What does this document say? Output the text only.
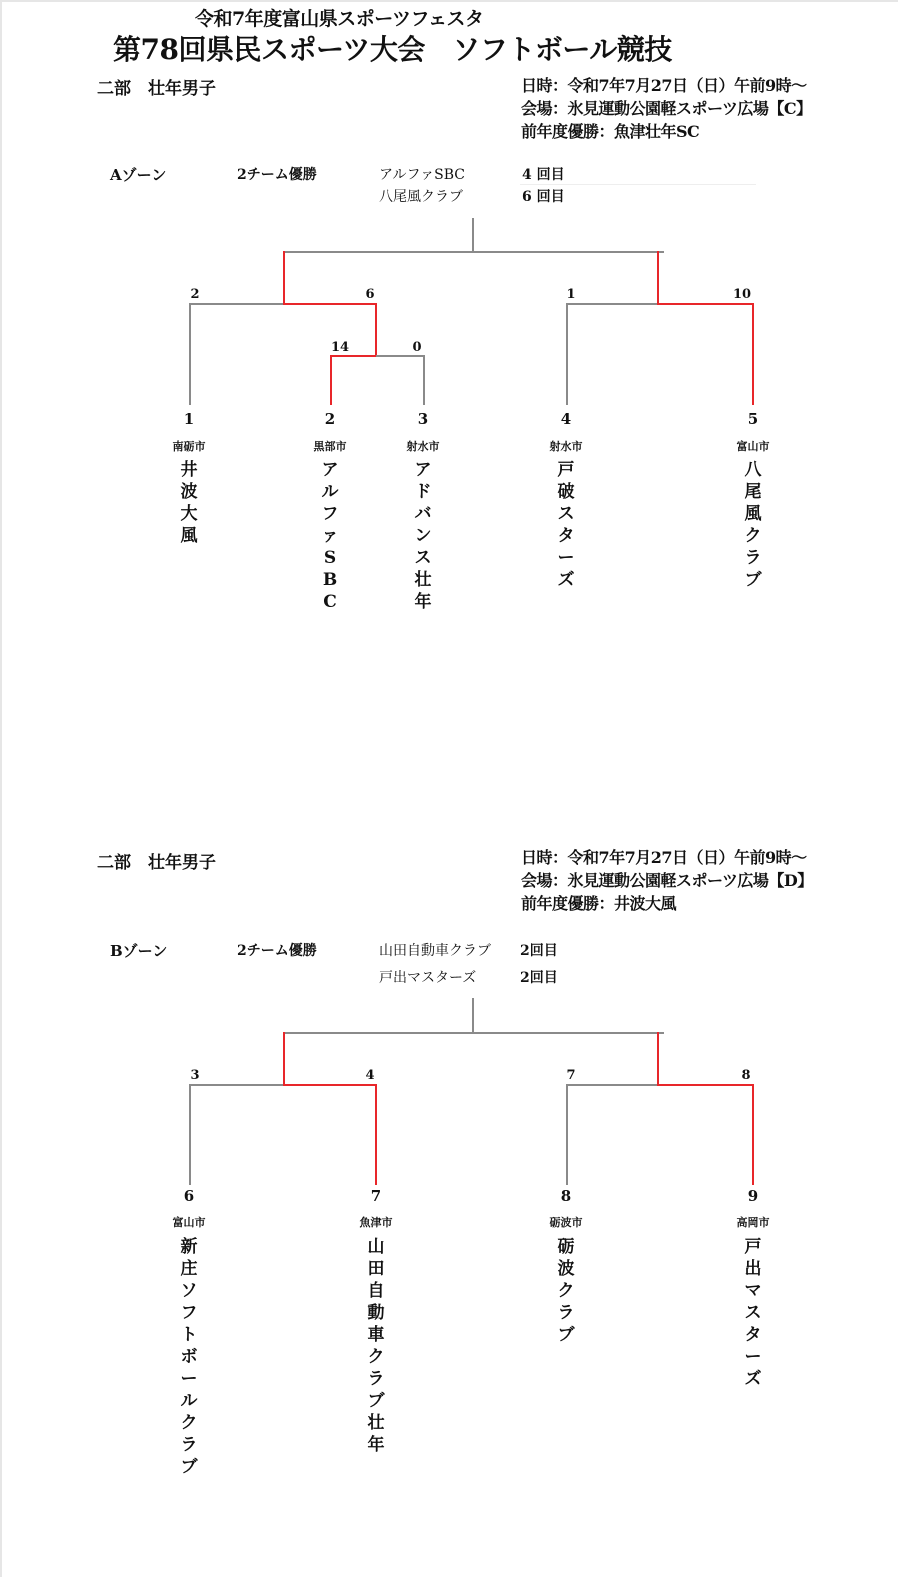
令和7年度富山県スポーツフェスタ
第78回県民スポーツ大会　ソフトボール競技
二部　壮年男子	日時：令和7年7月27日（日）午前9時～
会場：氷見運動公園軽スポーツ広場【C】
前年度優勝：魚津壮年SC
Aゾーン	2チーム優勝	アルファSBC	4 回目
八尾風クラブ	6 回目
2	6
14	0
1	10
1
南砺市
井波大風
2
黒部市
アルファSBC
3
射水市
アドバンス壮年
4
射水市
戸破スターズ
5
富山市
八尾風クラブ
二部　壮年男子	日時：令和7年7月27日（日）午前9時～
会場：氷見運動公園軽スポーツ広場【D】
前年度優勝：井波大風
Bゾーン	2チーム優勝	山田自動車クラブ 2回目
戸出マスターズ	2回目
3	4	7	8
6
富山市
新庄ソフトボールクラブ
7
魚津市
山田自動車クラブ壮年
8
砺波市
砺波クラブ
9
高岡市
戸出マスターズ
